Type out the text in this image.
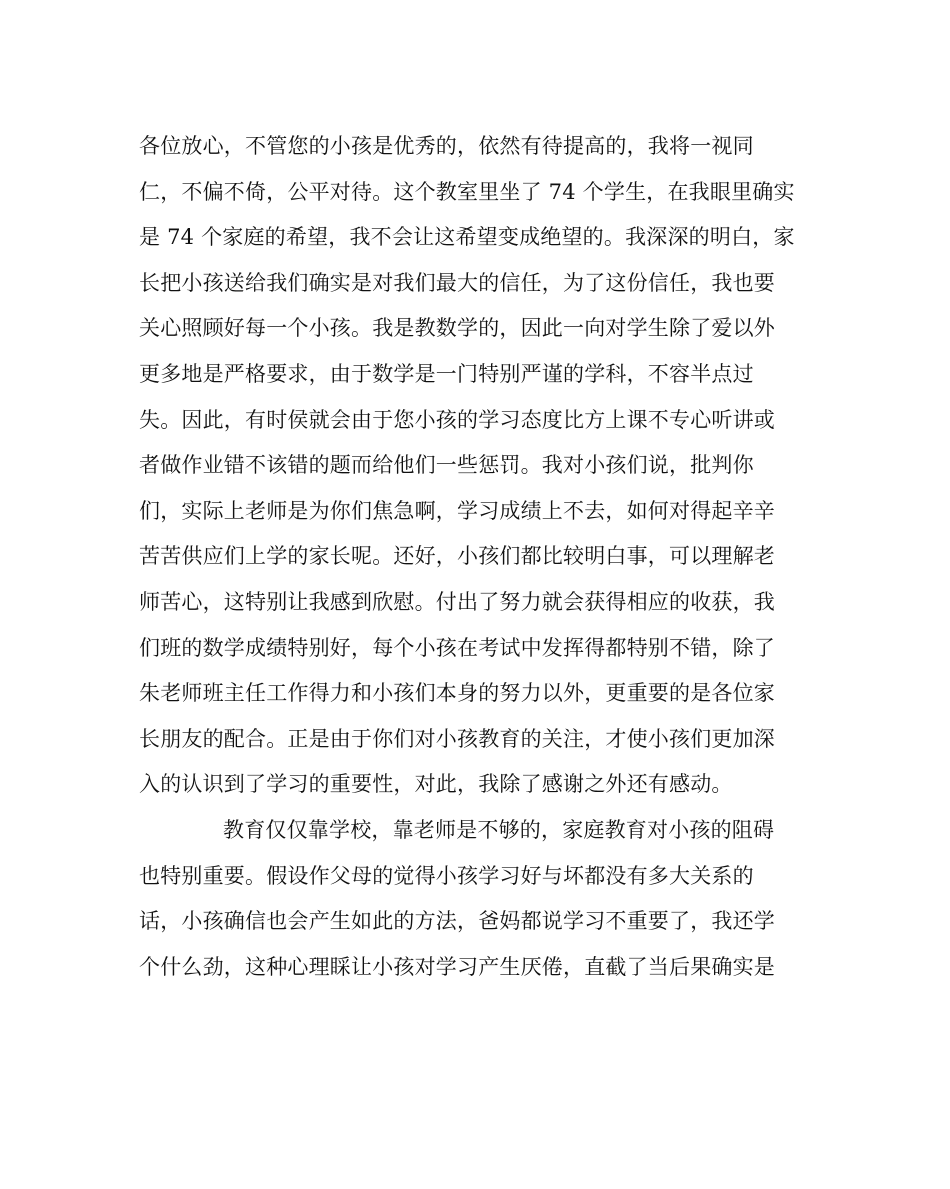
各位放心，不管您的小孩是优秀的，依然有待提高的，我将一视同
仁，不偏不倚，公平对待。这个教室里坐了 74 个学生，在我眼里确实
是 74 个家庭的希望，我不会让这希望变成绝望的。我深深的明白，家
长把小孩送给我们确实是对我们最大的信任，为了这份信任，我也要
关心照顾好每一个小孩。我是教数学的，因此一向对学生除了爱以外
更多地是严格要求，由于数学是一门特别严谨的学科，不容半点过
失。因此，有时侯就会由于您小孩的学习态度比方上课不专心听讲或
者做作业错不该错的题而给他们一些惩罚。我对小孩们说，批判你
们，实际上老师是为你们焦急啊，学习成绩上不去，如何对得起辛辛
苦苦供应们上学的家长呢。还好，小孩们都比较明白事，可以理解老
师苦心，这特别让我感到欣慰。付出了努力就会获得相应的收获，我
们班的数学成绩特别好，每个小孩在考试中发挥得都特别不错，除了
朱老师班主任工作得力和小孩们本身的努力以外，更重要的是各位家
长朋友的配合。正是由于你们对小孩教育的关注，才使小孩们更加深
入的认识到了学习的重要性，对此，我除了感谢之外还有感动。
教育仅仅靠学校，靠老师是不够的，家庭教育对小孩的阻碍
也特别重要。假设作父母的觉得小孩学习好与坏都没有多大关系的
话，小孩确信也会产生如此的方法，爸妈都说学习不重要了，我还学
个什么劲，这种心理睬让小孩对学习产生厌倦，直截了当后果确实是
